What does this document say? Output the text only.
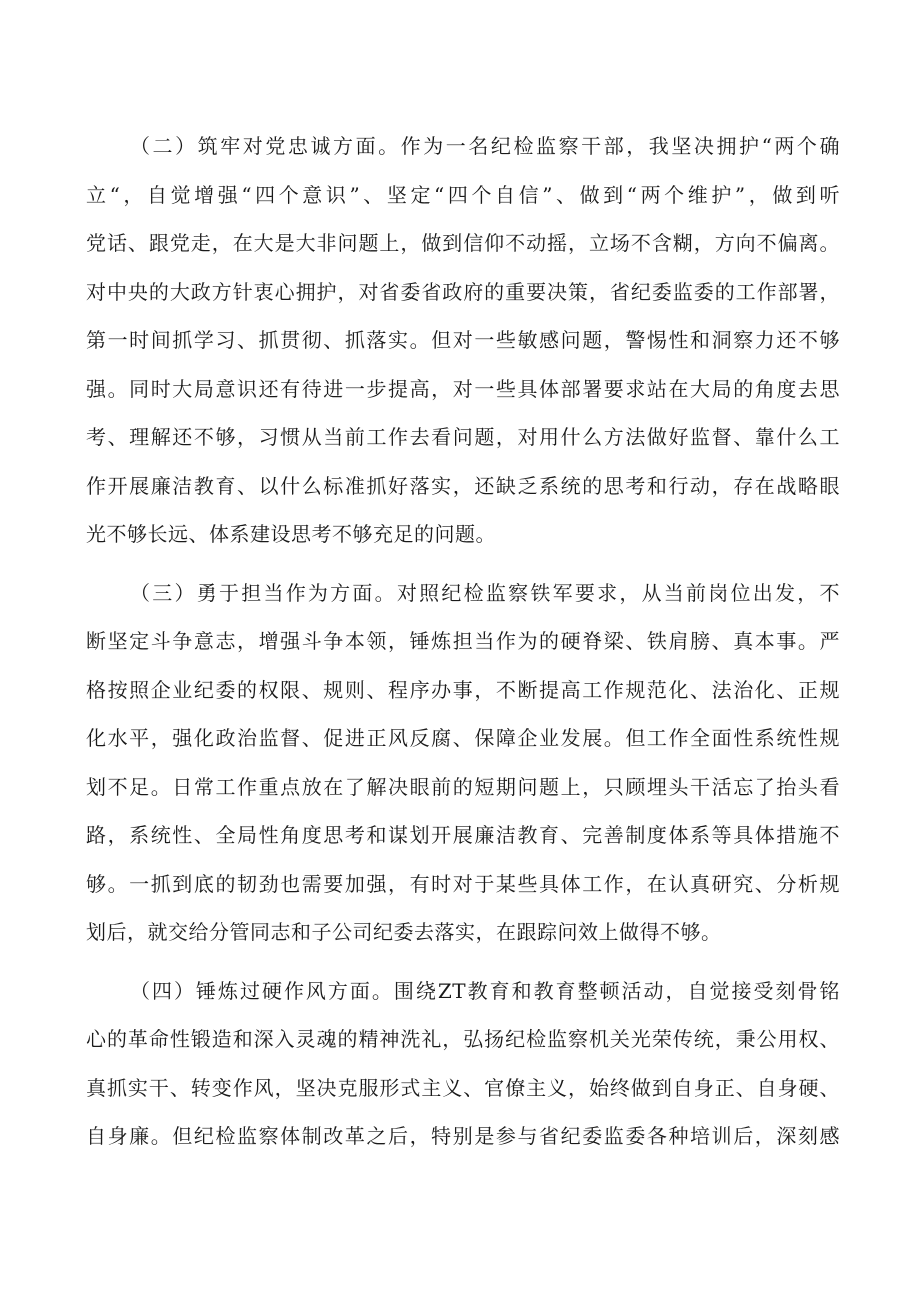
（二）筑牢对党忠诚方面。作为一名纪检监察干部，我坚决拥护“两个确
立“，自觉增强“四个意识”、坚定“四个自信”、做到“两个维护”，做到听
党话、跟党走，在大是大非问题上，做到信仰不动摇，立场不含糊，方向不偏离。
对中央的大政方针衷心拥护，对省委省政府的重要决策，省纪委监委的工作部署，
第一时间抓学习、抓贯彻、抓落实。但对一些敏感问题，警惕性和洞察力还不够
强。同时大局意识还有待进一步提高，对一些具体部署要求站在大局的角度去思
考、理解还不够，习惯从当前工作去看问题，对用什么方法做好监督、靠什么工
作开展廉洁教育、以什么标准抓好落实，还缺乏系统的思考和行动，存在战略眼
光不够长远、体系建设思考不够充足的问题。
（三）勇于担当作为方面。对照纪检监察铁军要求，从当前岗位出发，不
断坚定斗争意志，增强斗争本领，锤炼担当作为的硬脊梁、铁肩膀、真本事。严
格按照企业纪委的权限、规则、程序办事，不断提高工作规范化、法治化、正规
化水平，强化政治监督、促进正风反腐、保障企业发展。但工作全面性系统性规
划不足。日常工作重点放在了解决眼前的短期问题上，只顾埋头干活忘了抬头看
路，系统性、全局性角度思考和谋划开展廉洁教育、完善制度体系等具体措施不
够。一抓到底的韧劲也需要加强，有时对于某些具体工作，在认真研究、分析规
划后，就交给分管同志和子公司纪委去落实，在跟踪问效上做得不够。
（四）锤炼过硬作风方面。围绕ZT教育和教育整顿活动，自觉接受刻骨铭
心的革命性锻造和深入灵魂的精神洗礼，弘扬纪检监察机关光荣传统，秉公用权、
真抓实干、转变作风，坚决克服形式主义、官僚主义，始终做到自身正、自身硬、
自身廉。但纪检监察体制改革之后，特别是参与省纪委监委各种培训后，深刻感
